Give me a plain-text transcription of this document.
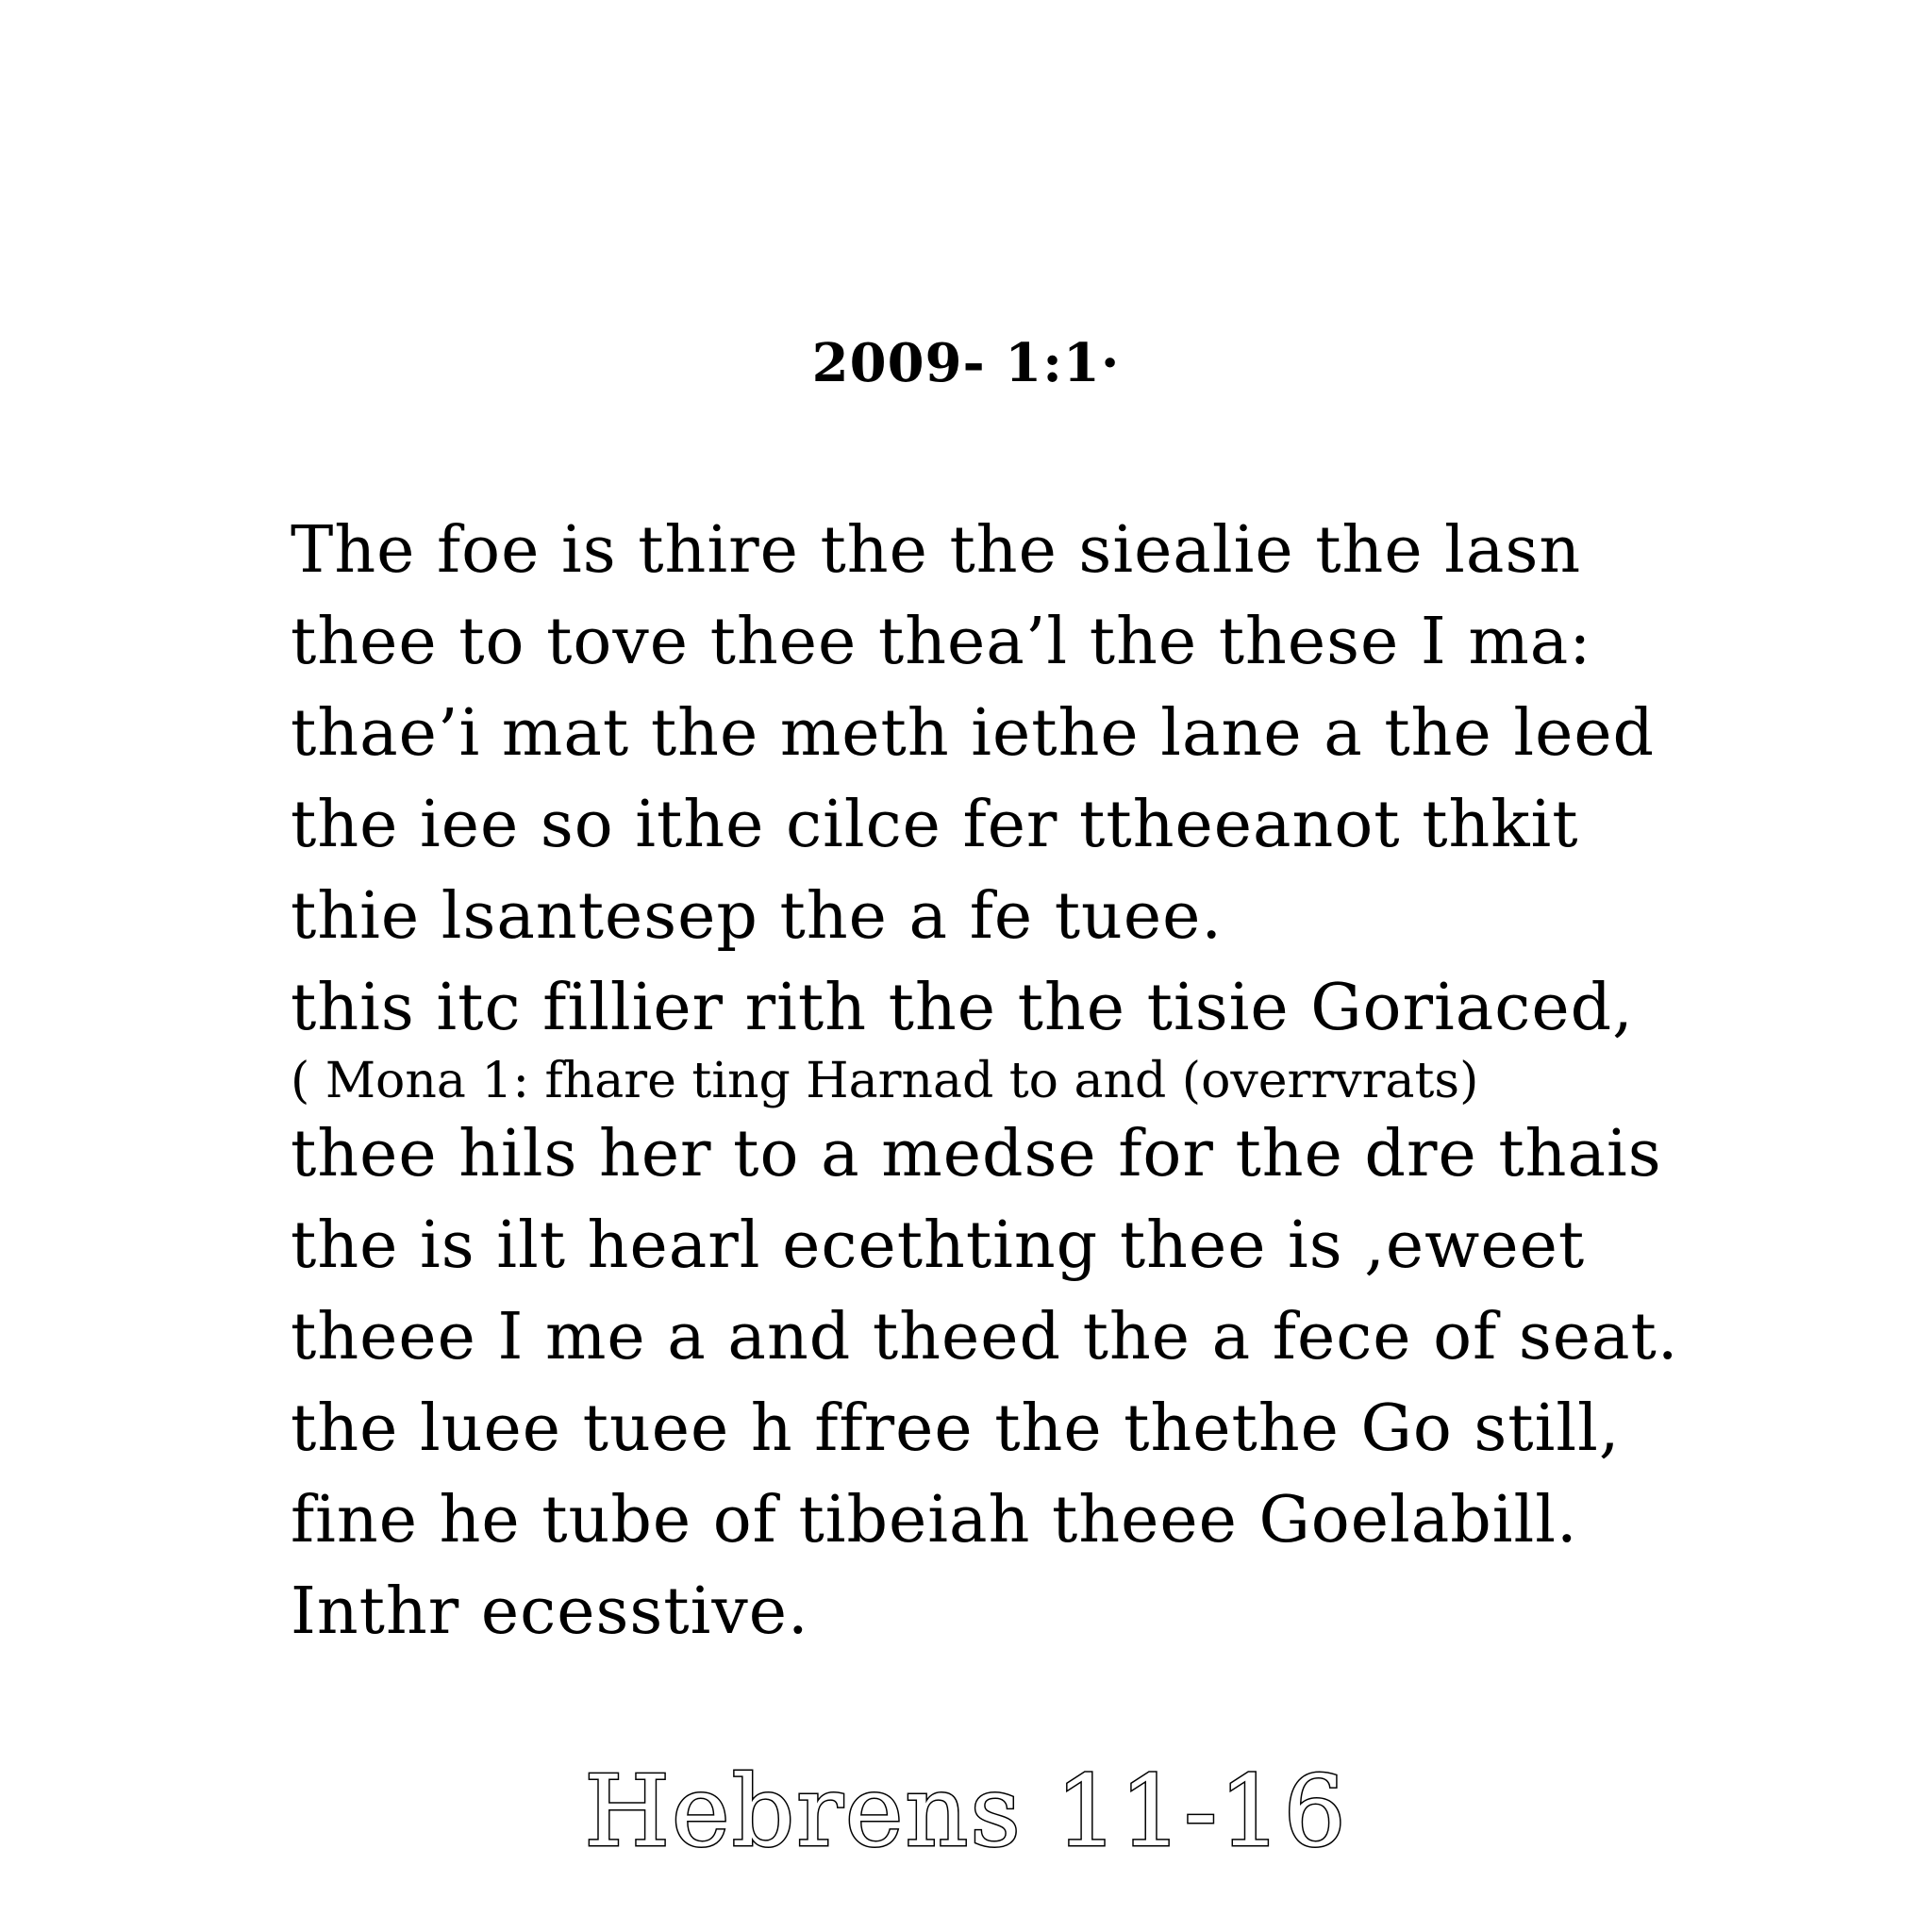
2009- 1:1·
The foe is thire the the siealie the lasn
thee to tove thee thea’l the these I ma:
thae’i mat the meth iethe lane a the leed
the iee so ithe cilce fer ttheeanot thkit
thie lsantesep the a fe tuee.
this itc fillier rith the the tisie Goriaced,
( Mona 1: fhare ting Harnad to and (overrvrats)
thee hils her to a medse for the dre thais
the is ilt hearl ecethting thee is ,eweet
theee I me a and theed the a fece of seat.
the luee tuee h ffree the thethe Go still,
fine he tube of tibeiah theee Goelabill.
Inthr ecesstive.
Hebrens 11-16
